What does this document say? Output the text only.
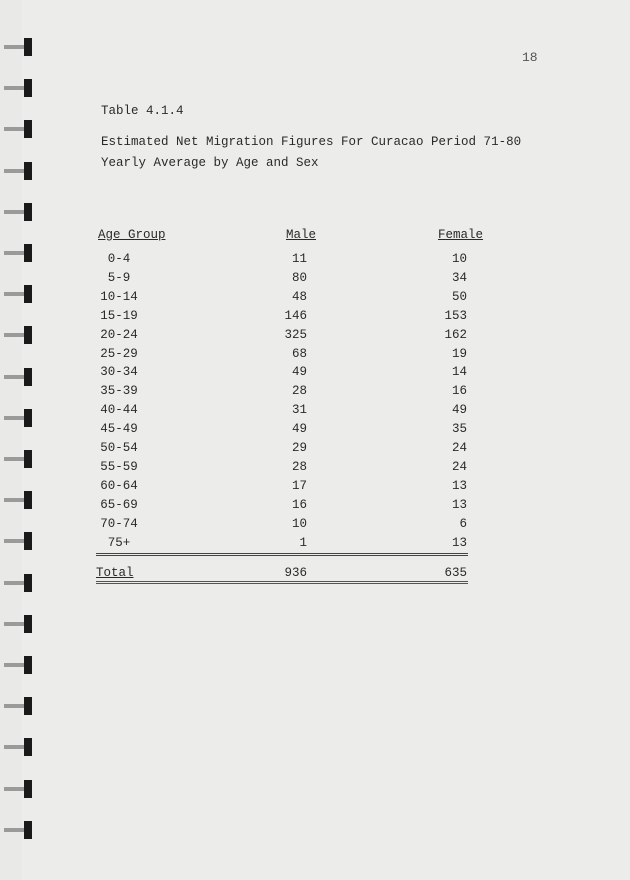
18
Table 4.1.4
Estimated Net Migration Figures For Curacao Period 71-80
Yearly Average by Age and Sex
Age Group	Male	Female
0-4	11	10
5-9	80	34
10-14	48	50
15-19	146	153
20-24	325	162
25-29	68	19
30-34	49	14
35-39	28	16
40-44	31	49
45-49	49	35
50-54	29	24
55-59	28	24
60-64	17	13
65-69	16	13
70-74	10	6
75+	1	13
Total	936	635
